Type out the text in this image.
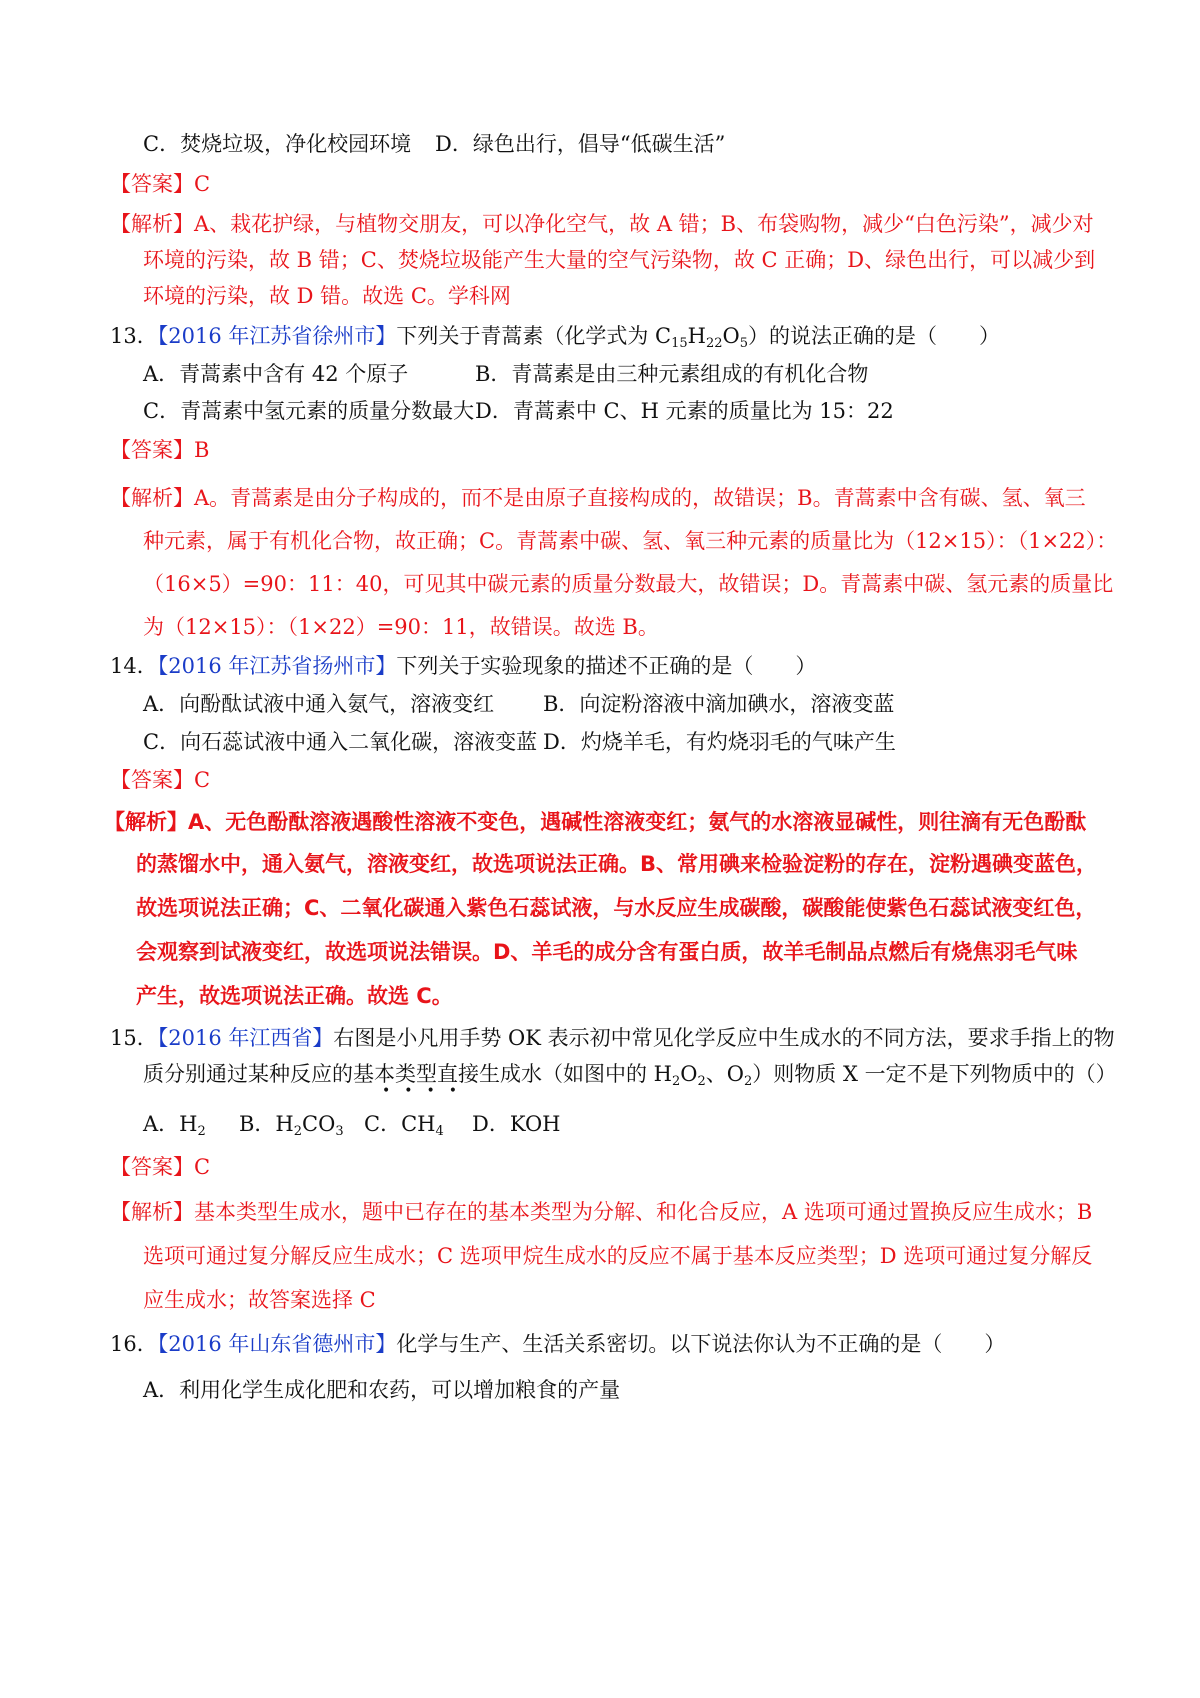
C．焚烧垃圾，净化校园环境 D．绿色出行，倡导“低碳生活”
【答案】C
【解析】A、栽花护绿，与植物交朋友，可以净化空气，故 A 错；B、布袋购物，减少“白色污染”，减少对
环境的污染，故 B 错；C、焚烧垃圾能产生大量的空气污染物，故 C 正确；D、绿色出行，可以减少到
环境的污染，故 D 错。故选 C。学科网
13．【2016 年江苏省徐州市】下列关于青蒿素（化学式为 $C_{15}H_{22}O_5$）的说法正确的是（　　）
A．青蒿素中含有 42 个原子	B．青蒿素是由三种元素组成的有机化合物
C．青蒿素中氢元素的质量分数最大D．青蒿素中 C、H 元素的质量比为 15：22
【答案】B
【解析】A。青蒿素是由分子构成的，而不是由原子直接构成的，故错误；B。青蒿素中含有碳、氢、氧三
种元素，属于有机化合物，故正确；C。青蒿素中碳、氢、氧三种元素的质量比为（12×15）：（1×22）：
（16×5）=90：11：40，可见其中碳元素的质量分数最大，故错误；D。青蒿素中碳、氢元素的质量比
为（12×15）：（1×22）=90：11，故错误。故选 B。
14．【2016 年江苏省扬州市】下列关于实验现象的描述不正确的是（　　）
A．向酚酞试液中通入氨气，溶液变红 B．向淀粉溶液中滴加碘水，溶液变蓝
C．向石蕊试液中通入二氧化碳，溶液变蓝 D．灼烧羊毛，有灼烧羽毛的气味产生
【答案】C
【解析】A、无色酚酞溶液遇酸性溶液不变色，遇碱性溶液变红；氨气的水溶液显碱性，则往滴有无色酚酞
的蒸馏水中，通入氨气，溶液变红，故选项说法正确。B、常用碘来检验淀粉的存在，淀粉遇碘变蓝色，
故选项说法正确；C、二氧化碳通入紫色石蕊试液，与水反应生成碳酸，碳酸能使紫色石蕊试液变红色，
会观察到试液变红，故选项说法错误。D、羊毛的成分含有蛋白质，故羊毛制品点燃后有烧焦羽毛气味
产生，故选项说法正确。故选 C。
15．【2016 年江西省】右图是小凡用手势 OK 表示初中常见化学反应中生成水的不同方法，要求手指上的物
质分别通过某种反应的基本类型直接生成水（如图中的 $H_2O_2$、$O_2$）则物质 X 一定不是下列物质中的（）
••••
A．$H_2$ B．$H_2CO_3$ C．$CH_4$ D．KOH
【答案】C
【解析】基本类型生成水，题中已存在的基本类型为分解、和化合反应，A 选项可通过置换反应生成水；B
选项可通过复分解反应生成水；C 选项甲烷生成水的反应不属于基本反应类型；D 选项可通过复分解反
应生成水；故答案选择 C
16．【2016 年山东省德州市】化学与生产、生活关系密切。以下说法你认为不正确的是（　　）
A．利用化学生成化肥和农药，可以增加粮食的产量
